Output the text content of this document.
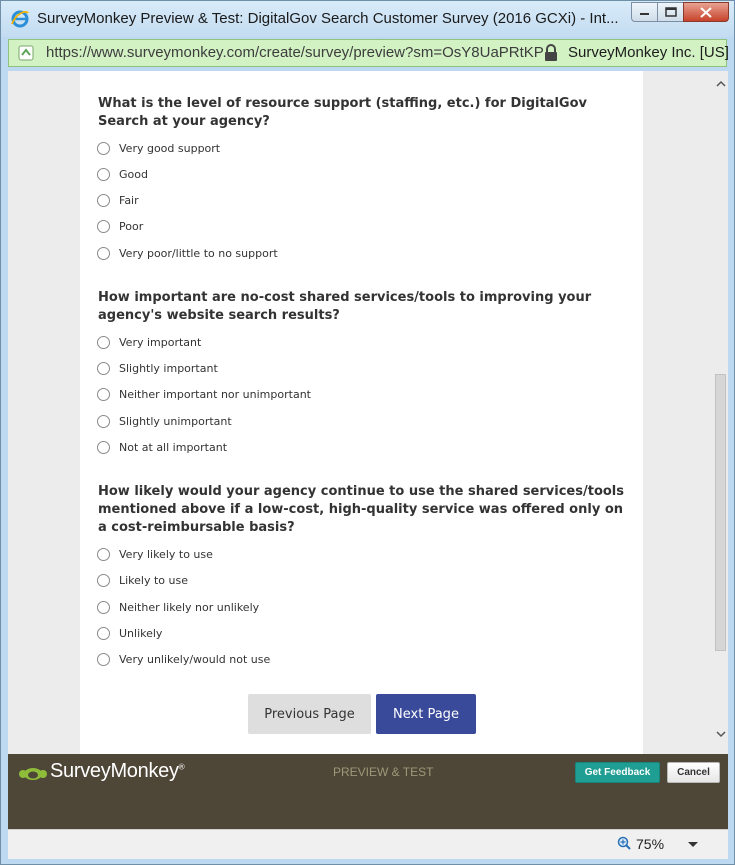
SurveyMonkey Preview & Test: DigitalGov Search Customer Survey (2016 GCXi) - Int...
https://www.surveymonkey.com/create/survey/preview?sm=OsY8UaPRtKP SurveyMonkey Inc. [US]
What is the level of resource support (staffing, etc.) for DigitalGov Search at your agency?
Very good support
Good
Fair
Poor
Very poor/little to no support
How important are no-cost shared services/tools to improving your agency's website search results?
Very important
Slightly important
Neither important nor unimportant
Slightly unimportant
Not at all important
How likely would your agency continue to use the shared services/tools mentioned above if a low-cost, high-quality service was offered only on a cost-reimbursable basis?
Very likely to use
Likely to use
Neither likely nor unlikely
Unlikely
Very unlikely/would not use
Previous Page	Next Page
SurveyMonkey®	PREVIEW & TEST	Get Feedback	Cancel
75%
